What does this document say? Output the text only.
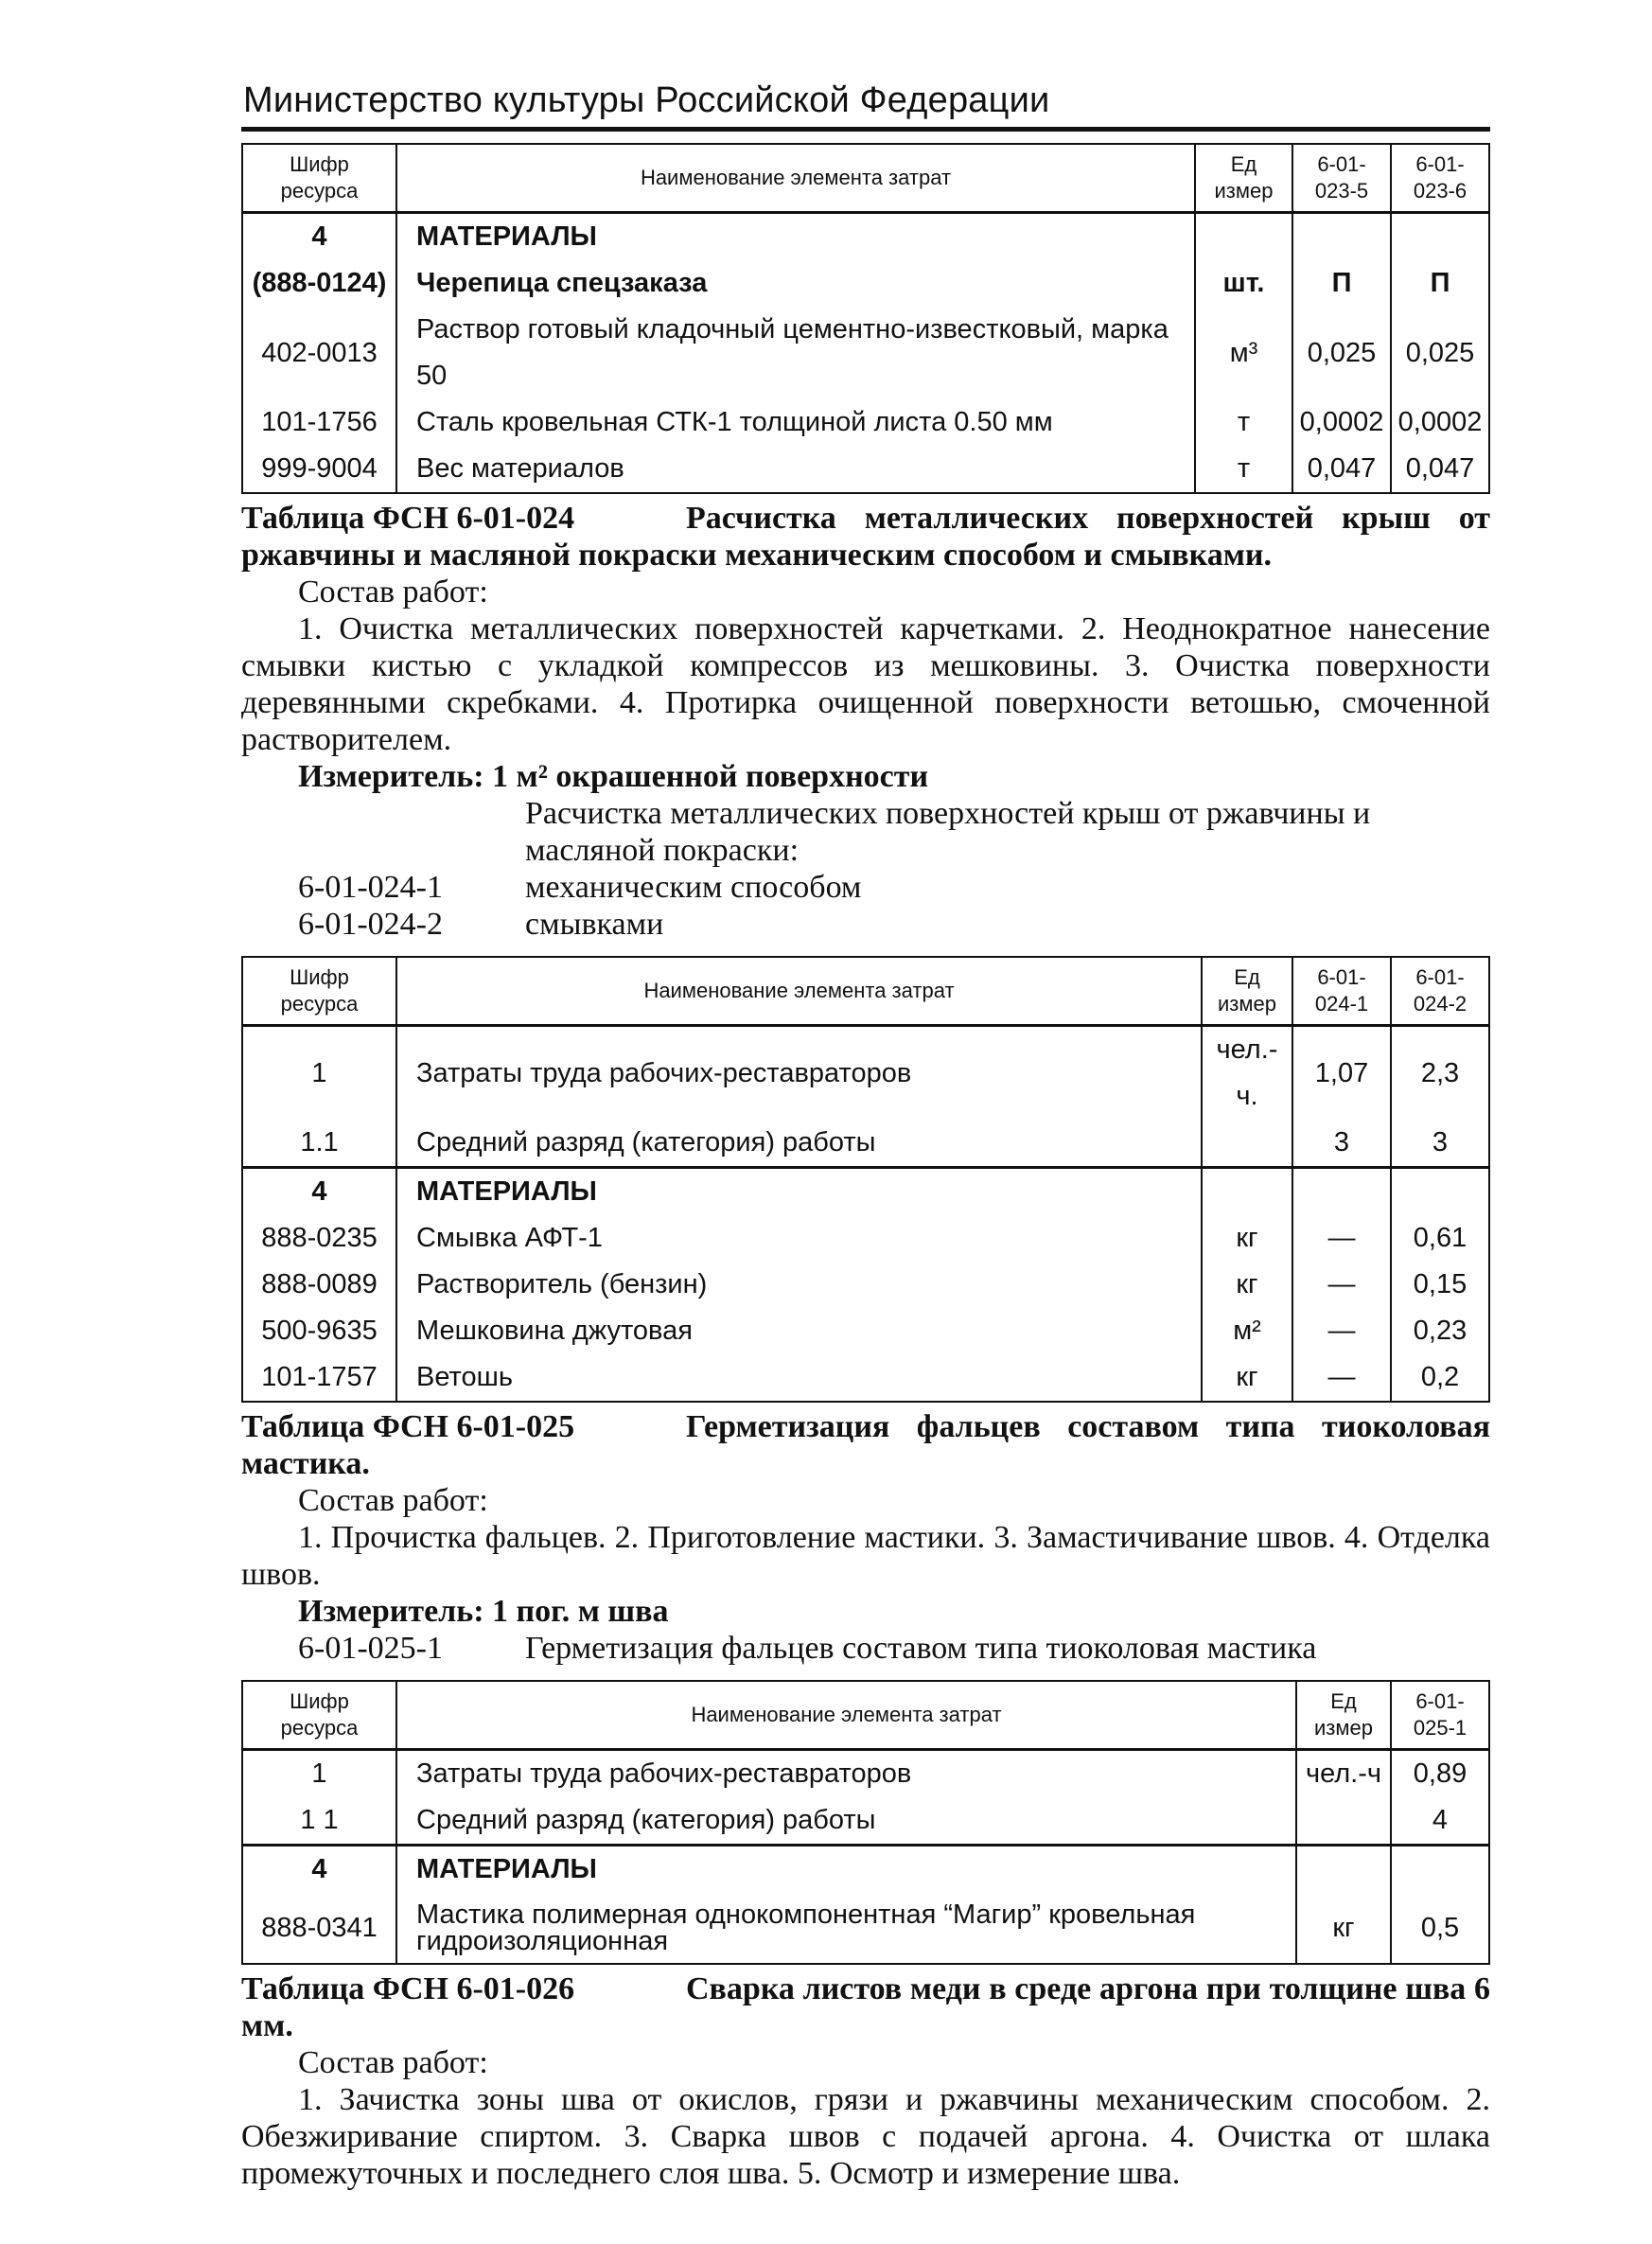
Министерство культуры Российской Федерации
Шифр ресурса	Наименование элемента затрат	Ед измер	6-01-023-5	6-01-023-6
4	МАТЕРИАЛЫ			
(888-0124)	Черепица спецзаказа	шт.	П	П
402-0013	Раствор готовый кладочный цементно-известковый, марка 50	м³	0,025	0,025
101-1756	Сталь кровельная СТК-1 толщиной листа 0.50 мм	т	0,0002	0,0002
999-9004	Вес материалов	т	0,047	0,047
Таблица ФСН 6-01-024	Расчистка металлических поверхностей крыш от ржавчины и масляной покраски механическим способом и смывками.
Состав работ:
1. Очистка металлических поверхностей карчетками. 2. Неоднократное нанесение смывки кистью с укладкой компрессов из мешковины. 3. Очистка поверхности деревянными скребками. 4. Протирка очищенной поверхности ветошью, смоченной растворителем.
Измеритель: 1 м² окрашенной поверхности
Расчистка металлических поверхностей крыш от ржавчины и масляной покраски:
6-01-024-1	механическим способом
6-01-024-2	смывками
Шифр ресурса	Наименование элемента затрат	Ед измер	6-01-024-1	6-01-024-2
1	Затраты труда рабочих-реставраторов	чел.-ч.	1,07	2,3
1.1	Средний разряд (категория) работы		3	3
4	МАТЕРИАЛЫ			
888-0235	Смывка АФТ-1	кг	—	0,61
888-0089	Растворитель (бензин)	кг	—	0,15
500-9635	Мешковина джутовая	м²	—	0,23
101-1757	Ветошь	кг	—	0,2
Таблица ФСН 6-01-025	Герметизация фальцев составом типа тиоколовая мастика.
Состав работ:
1. Прочистка фальцев. 2. Приготовление мастики. 3. Замастичивание швов. 4. Отделка швов.
Измеритель: 1 пог. м шва
6-01-025-1	Герметизация фальцев составом типа тиоколовая мастика
Шифр ресурса	Наименование элемента затрат	Ед измер	6-01-025-1
1	Затраты труда рабочих-реставраторов	чел.-ч	0,89
1 1	Средний разряд (категория) работы		4
4	МАТЕРИАЛЫ		
888-0341	Мастика полимерная однокомпонентная “Магир” кровельная гидроизоляционная	кг	0,5
Таблица ФСН 6-01-026	Сварка листов меди в среде аргона при толщине шва 6 мм.
Состав работ:
1. Зачистка зоны шва от окислов, грязи и ржавчины механическим способом. 2. Обезжиривание спиртом. 3. Сварка швов с подачей аргона. 4. Очистка от шлака промежуточных и последнего слоя шва. 5. Осмотр и измерение шва.
